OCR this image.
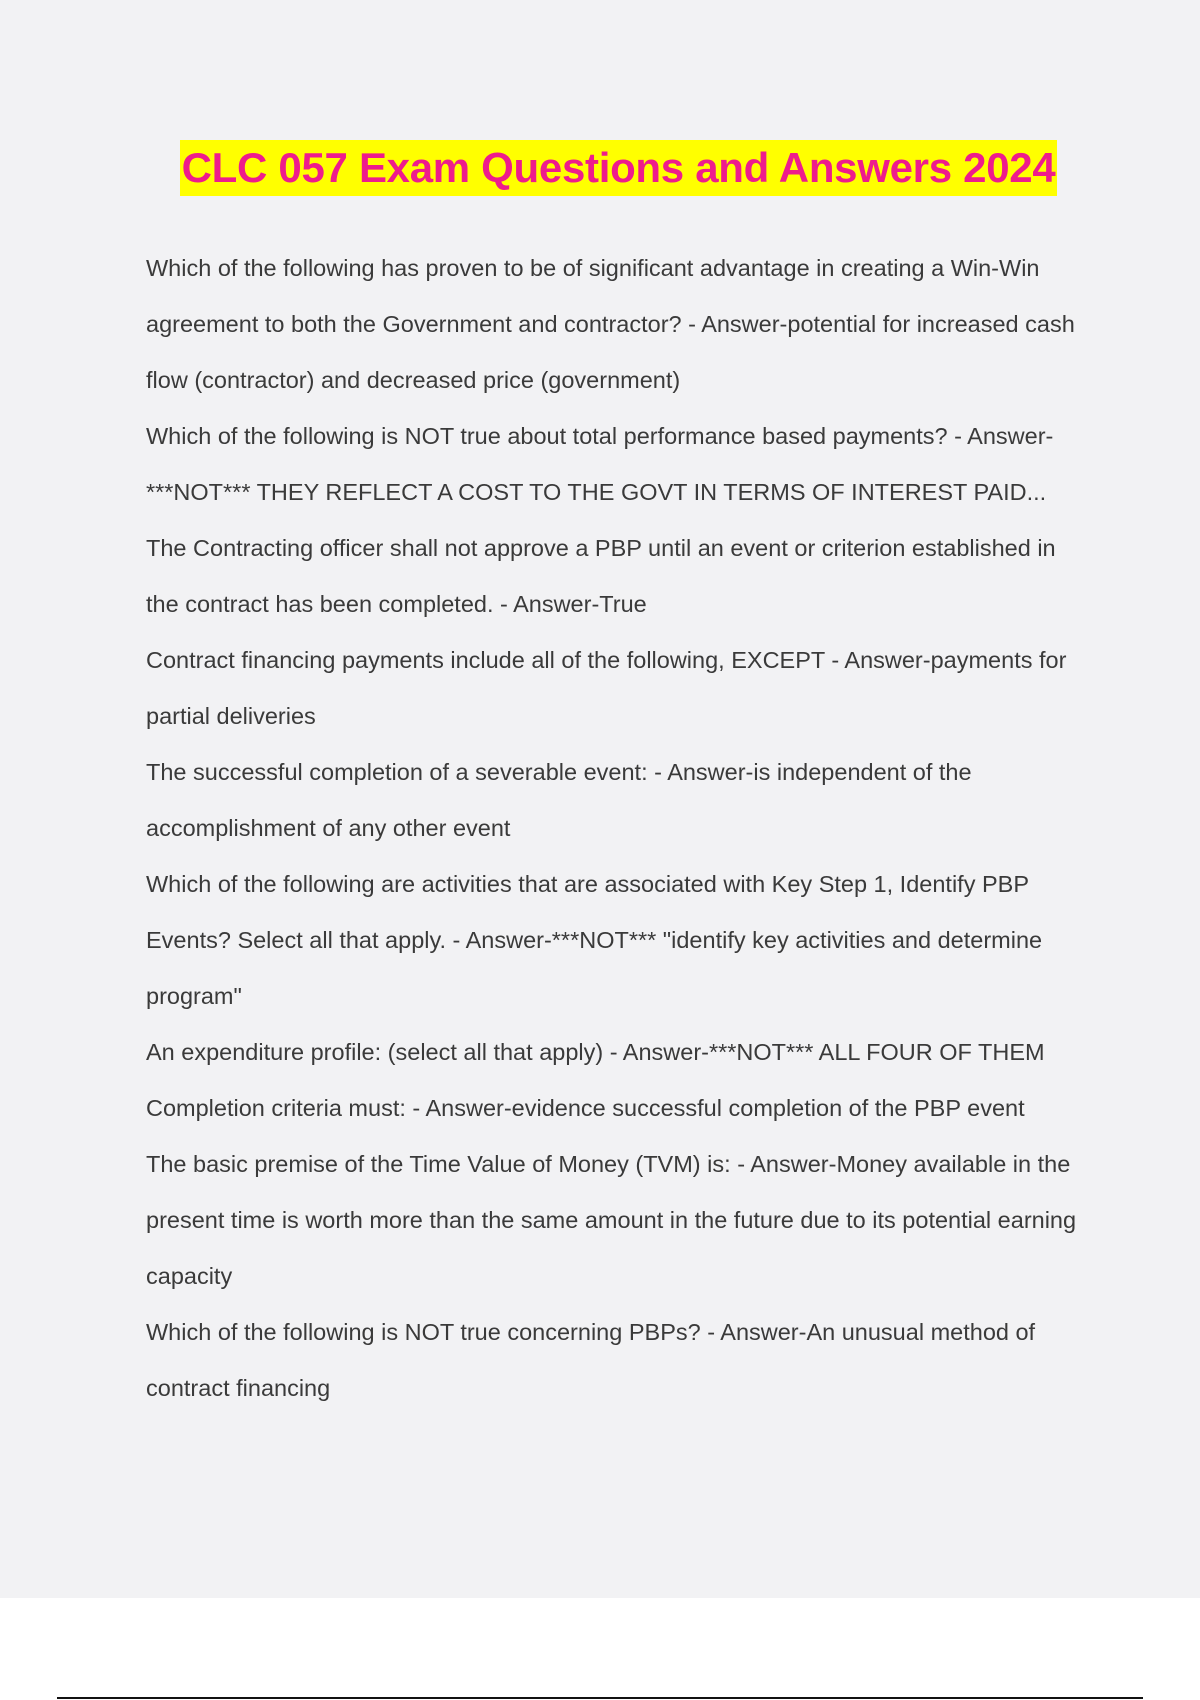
CLC 057 Exam Questions and Answers 2024

Which of the following has proven to be of significant advantage in creating a Win-Win agreement to both the Government and contractor? - Answer-potential for increased cash flow (contractor) and decreased price (government)

Which of the following is NOT true about total performance based payments? - Answer-***NOT*** THEY REFLECT A COST TO THE GOVT IN TERMS OF INTEREST PAID...

The Contracting officer shall not approve a PBP until an event or criterion established in the contract has been completed. - Answer-True

Contract financing payments include all of the following, EXCEPT - Answer-payments for partial deliveries

The successful completion of a severable event: - Answer-is independent of the accomplishment of any other event

Which of the following are activities that are associated with Key Step 1, Identify PBP Events? Select all that apply. - Answer-***NOT*** "identify key activities and determine program"

An expenditure profile: (select all that apply) - Answer-***NOT*** ALL FOUR OF THEM

Completion criteria must: - Answer-evidence successful completion of the PBP event

The basic premise of the Time Value of Money (TVM) is: - Answer-Money available in the present time is worth more than the same amount in the future due to its potential earning capacity

Which of the following is NOT true concerning PBPs? - Answer-An unusual method of contract financing
